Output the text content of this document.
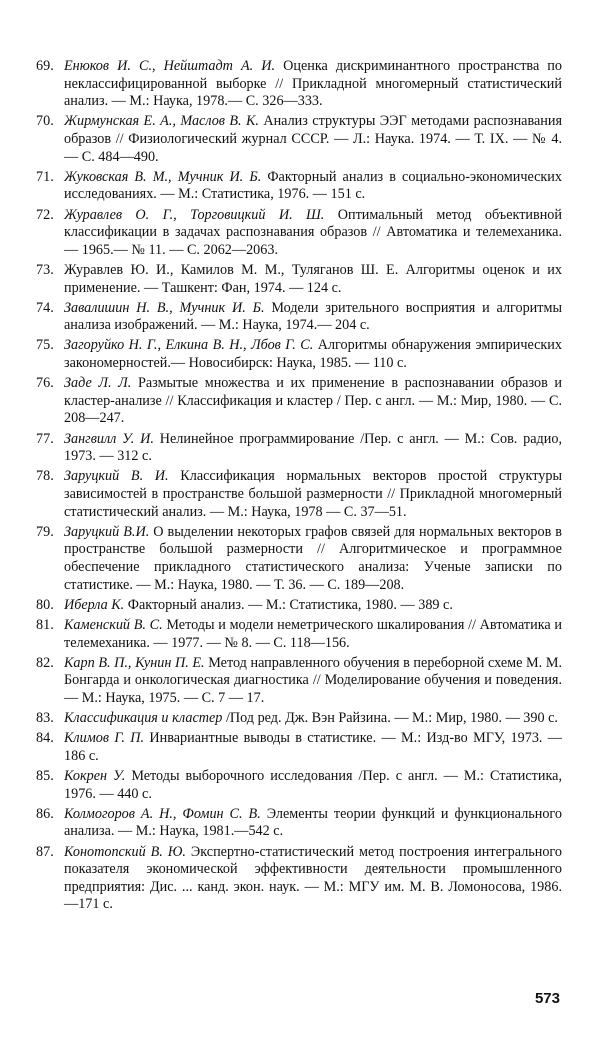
69. Енюков И. С., Нейштадт А. И. Оценка дискриминантного пространства по неклассифицированной выборке // Прикладной многомерный статистический анализ. — М.: Наука, 1978.— С. 326—333.
70. Жирмунская Е. А., Маслов В. К. Анализ структуры ЭЭГ методами распознавания образов // Физиологический журнал СССР. — Л.: Наука. 1974. — Т. IX. — № 4. — С. 484—490.
71. Жуковская В. М., Мучник И. Б. Факторный анализ в социально-экономических исследованиях. — М.: Статистика, 1976. — 151 с.
72. Журавлев О. Г., Торговицкий И. Ш. Оптимальный метод объективной классификации в задачах распознавания образов // Автоматика и телемеханика. — 1965.— № 11. — С. 2062—2063.
73. Журавлев Ю. И., Камилов М. М., Туляганов Ш. Е. Алгоритмы оценок и их применение. — Ташкент: Фан, 1974. — 124 с.
74. Завалишин Н. В., Мучник И. Б. Модели зрительного восприятия и алгоритмы анализа изображений. — М.: Наука, 1974.— 204 с.
75. Загоруйко Н. Г., Елкина В. Н., Лбов Г. С. Алгоритмы обнаружения эмпирических закономерностей.— Новосибирск: Наука, 1985. — 110 с.
76. Заде Л. Л. Размытые множества и их применение в распознавании образов и кластер-анализе // Классификация и кластер / Пер. с англ. — М.: Мир, 1980. — С. 208—247.
77. Зангвилл У. И. Нелинейное программирование /Пер. с англ. — М.: Сов. радио, 1973. — 312 с.
78. Заруцкий В. И. Классификация нормальных векторов простой структуры зависимостей в пространстве большой размерности // Прикладной многомерный статистический анализ. — М.: Наука, 1978 — С. 37—51.
79. Заруцкий В.И. О выделении некоторых графов связей для нормальных векторов в пространстве большой размерности // Алгоритмическое и программное обеспечение прикладного статистического анализа: Ученые записки по статистике. — М.: Наука, 1980. — Т. 36. — С. 189—208.
80. Иберла К. Факторный анализ. — М.: Статистика, 1980. — 389 с.
81. Каменский В. С. Методы и модели неметрического шкалирования // Автоматика и телемеханика. — 1977. — № 8. — С. 118—156.
82. Карп В. П., Кунин П. Е. Метод направленного обучения в переборной схеме М. М. Бонгарда и онкологическая диагностика // Моделирование обучения и поведения.— М.: Наука, 1975. — С. 7 — 17.
83. Классификация и кластер /Под ред. Дж. Вэн Райзина. — М.: Мир, 1980. — 390 с.
84. Климов Г. П. Инвариантные выводы в статистике. — М.: Изд-во МГУ, 1973. — 186 с.
85. Кокрен У. Методы выборочного исследования /Пер. с англ. — М.: Статистика, 1976. — 440 с.
86. Колмогоров А. Н., Фомин С. В. Элементы теории функций и функционального анализа. — М.: Наука, 1981.—542 с.
87. Конотопский В. Ю. Экспертно-статистический метод построения интегрального показателя экономической эффективности деятельности промышленного предприятия: Дис. ... канд. экон. наук. — М.: МГУ им. М. В. Ломоносова, 1986. —171 с.
573
